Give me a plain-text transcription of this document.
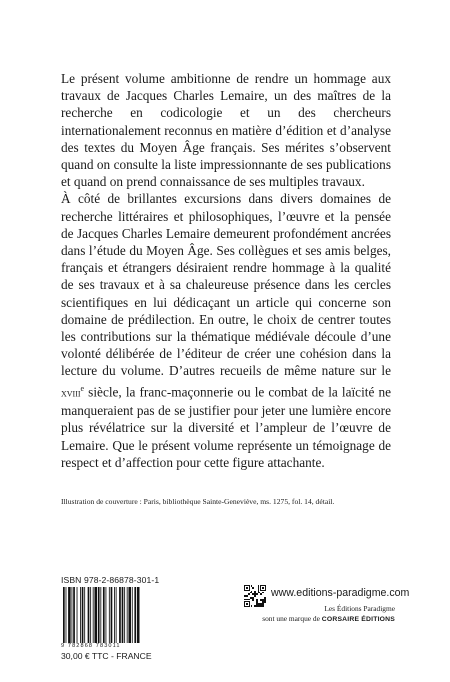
Le présent volume ambitionne de rendre un hommage aux travaux de Jacques Charles Lemaire, un des maîtres de la recherche en codicologie et un des chercheurs internationalement reconnus en matière d’édition et d’analyse des textes du Moyen Âge français. Ses mérites s’observent quand on consulte la liste impressionnante de ses publications et quand on prend connaissance de ses multiples travaux.

À côté de brillantes excursions dans divers domaines de recherche littéraires et philosophiques, l’œuvre et la pensée de Jacques Charles Lemaire demeurent profondément ancrées dans l’étude du Moyen Âge. Ses collègues et ses amis belges, français et étrangers désiraient rendre hommage à la qualité de ses travaux et à sa chaleureuse présence dans les cercles scientifiques en lui dédicaçant un article qui concerne son domaine de prédilection. En outre, le choix de centrer toutes les contributions sur la thématique médiévale découle d’une volonté délibérée de l’éditeur de créer une cohésion dans la lecture du volume. D’autres recueils de même nature sur le xviii$^e$ siècle, la franc-maçonnerie ou le combat de la laïcité ne manqueraient pas de se justifier pour jeter une lumière encore plus révélatrice sur la diversité et l’ampleur de l’œuvre de Lemaire. Que le présent volume représente un témoignage de respect et d’affection pour cette figure attachante.

Illustration de couverture : Paris, bibliothèque Sainte-Geneviève, ms. 1275, fol. 14, détail.
ISBN 978-2-86878-301-1
9 782868 783011
30,00 € TTC - FRANCE
www.editions-paradigme.com
Les Éditions Paradigme
sont une marque de CORSAIRE ÉDITIONS
